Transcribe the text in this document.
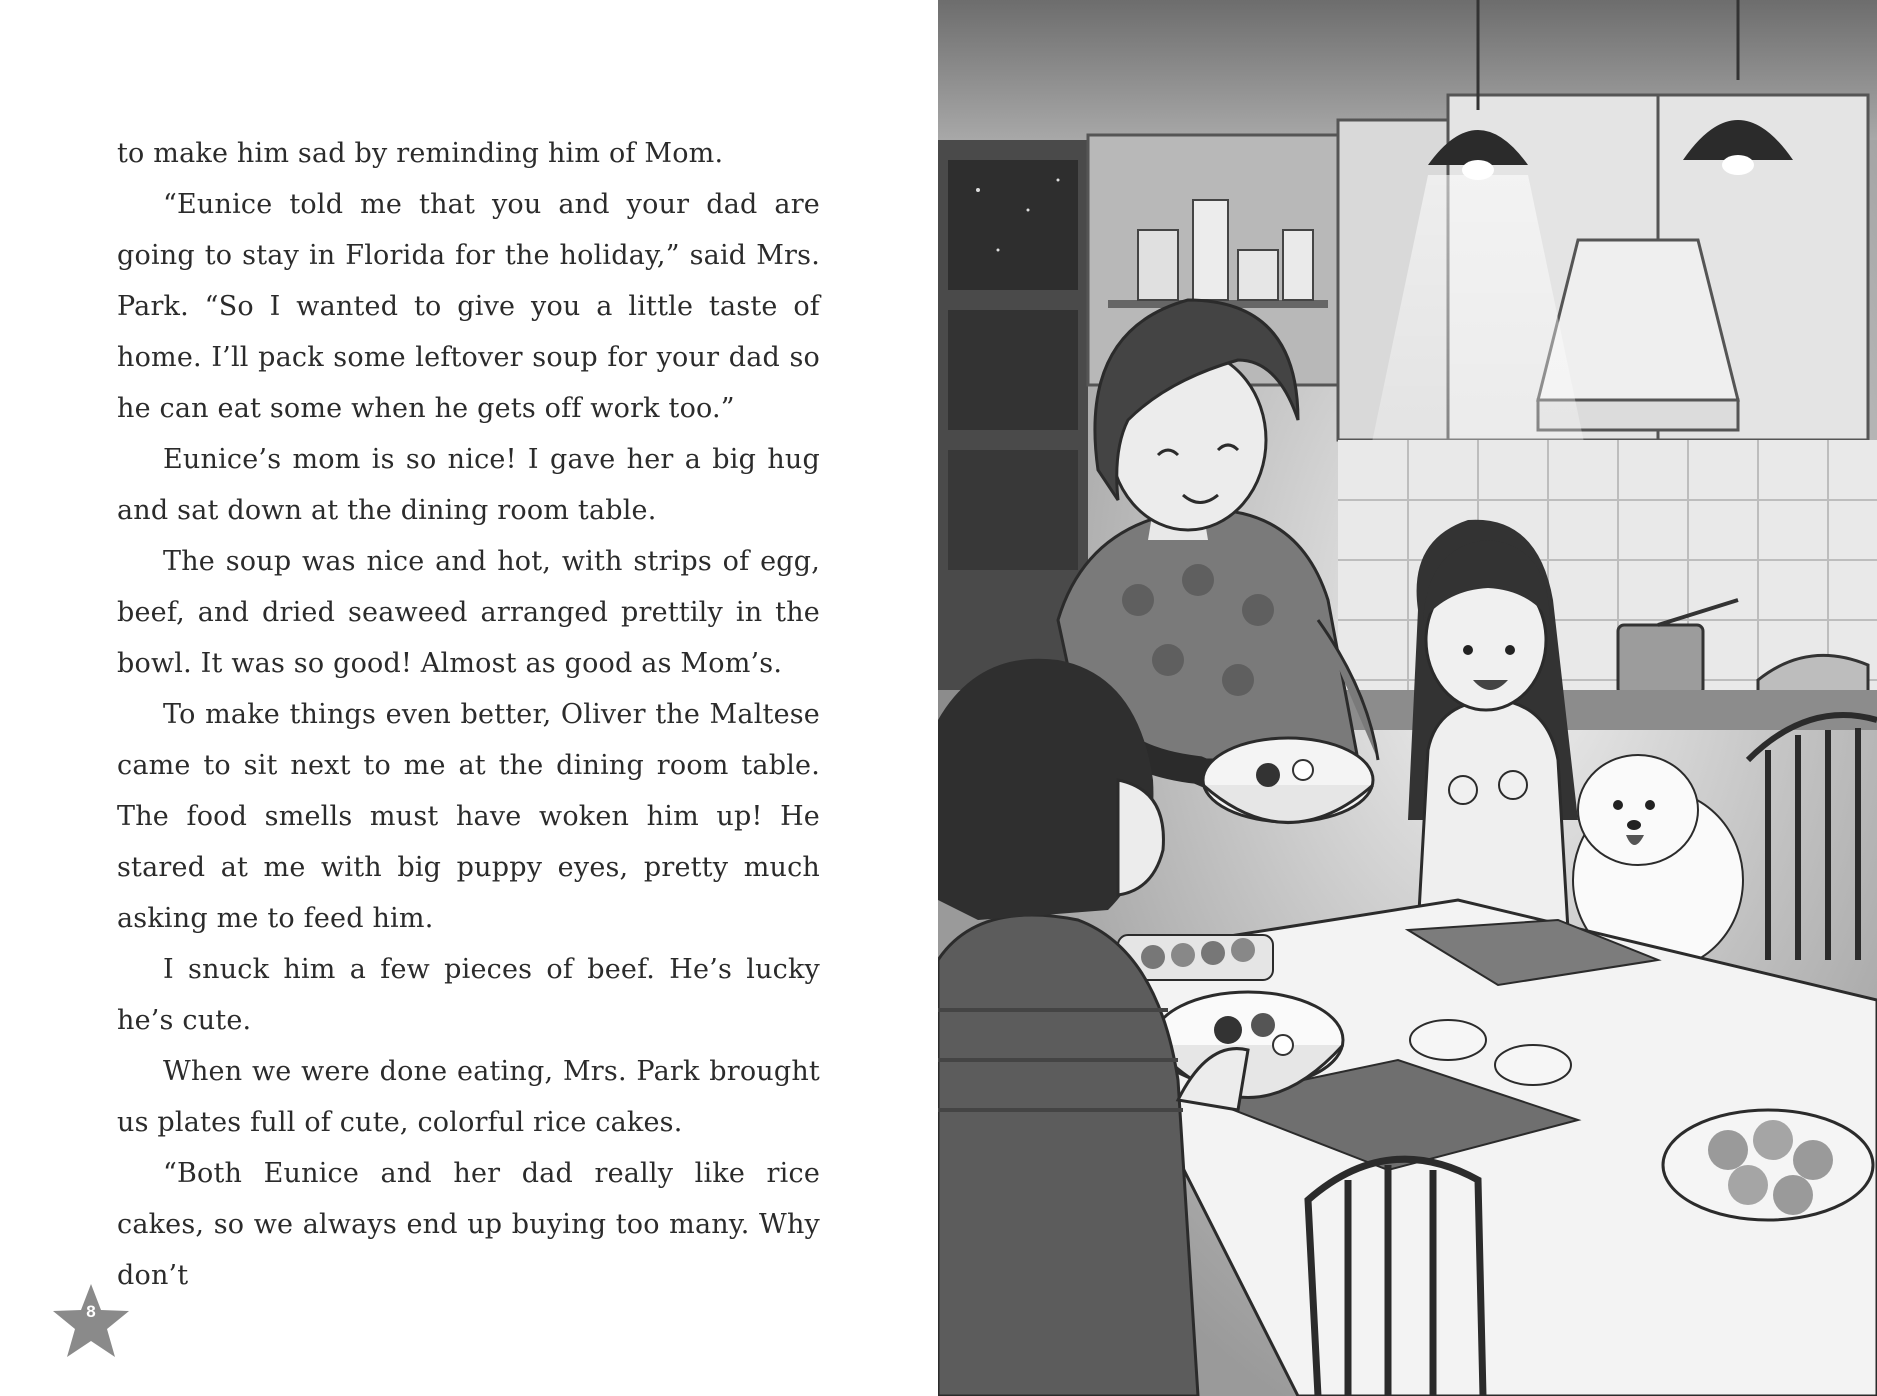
to make him sad by reminding him of Mom.

“Eunice told me that you and your dad are going to stay in Florida for the holiday,” said Mrs. Park. “So I wanted to give you a little taste of home. I’ll pack some leftover soup for your dad so he can eat some when he gets off work too.”

Eunice’s mom is so nice! I gave her a big hug and sat down at the dining room table.

The soup was nice and hot, with strips of egg, beef, and dried seaweed arranged prettily in the bowl. It was so good! Almost as good as Mom’s.

To make things even better, Oliver the Maltese came to sit next to me at the dining room table. The food smells must have woken him up! He stared at me with big puppy eyes, pretty much asking me to feed him.

I snuck him a few pieces of beef. He’s lucky he’s cute.

When we were done eating, Mrs. Park brought us plates full of cute, colorful rice cakes.

“Both Eunice and her dad really like rice cakes, so we always end up buying too many. Why don’t

8
